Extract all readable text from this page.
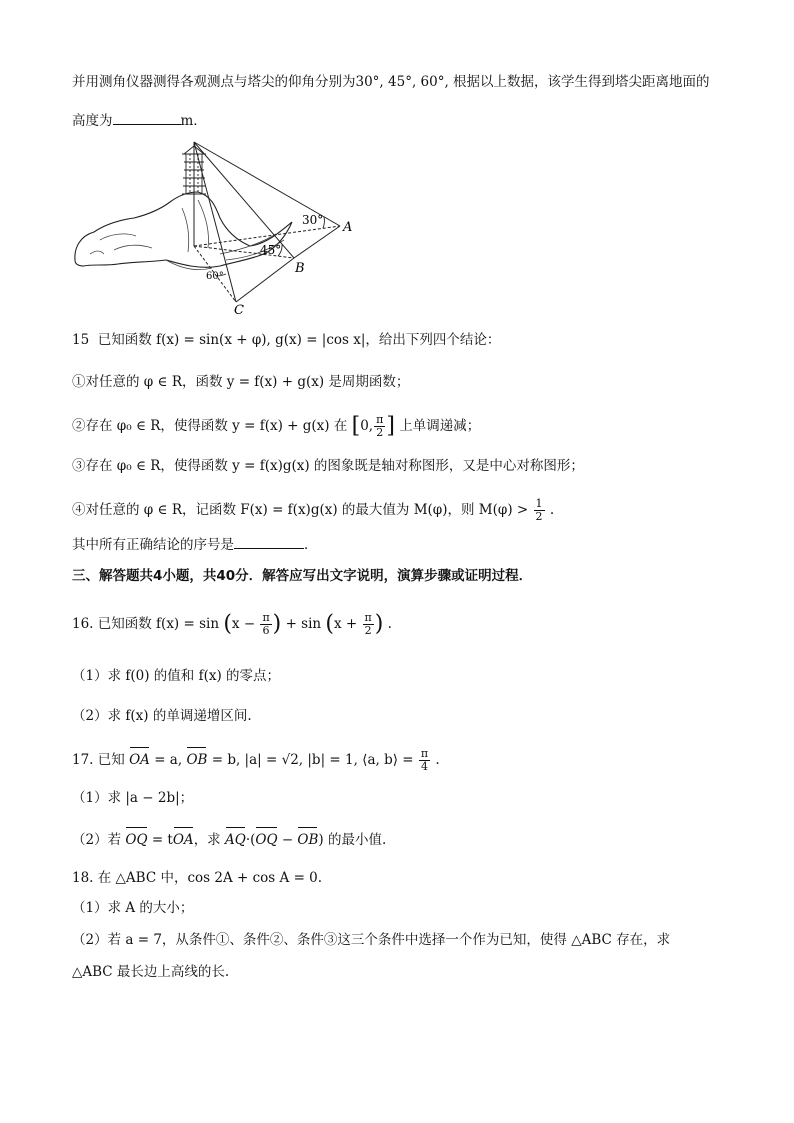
并用测角仪器测得各观测点与塔尖的仰角分别为30°, 45°, 60°, 根据以上数据，该学生得到塔尖距离地面的
高度为	m．
30°
45°
60°
A
B
C
15 已知函数 f(x) = sin(x + φ), g(x) = |cos x|，给出下列四个结论：
①对任意的 φ ∈ R，函数 y = f(x) + g(x) 是周期函数；
②存在 φ₀ ∈ R，使得函数 y = f(x) + g(x) 在 [0, $\frac{\pi}{2}$ ] 上单调递减；
③存在 φ₀ ∈ R，使得函数 y = f(x)g(x) 的图象既是轴对称图形，又是中心对称图形；
④对任意的 φ ∈ R，记函数 F(x) = f(x)g(x) 的最大值为 M(φ)，则 $M(\varphi) > \frac{1}{2}$ .
其中所有正确结论的序号是	．
三、解答题共4小题，共40分．解答应写出文字说明，演算步骤或证明过程．
16. 已知函数 $f(x) = \sin (x - \frac{\pi}{6}$ ) + $\sin (x + \frac{\pi}{2}$ ) .
（1）求 f(0) 的值和 f(x) 的零点；
（2）求 f(x) 的单调递增区间.
17. 已知 OA = a, OB = b, |a| = √2, |b| = 1, ⟨a, b⟩ = $\frac{\pi}{4}$ .
（1）求 |a − 2b|；
（2）若 OQ = tOA，求 AQ·(OQ − OB) 的最小值.
18. 在 △ABC 中，cos 2A + cos A = 0.
（1）求 A 的大小；
（2）若 a = 7，从条件①、条件②、条件③这三个条件中选择一个作为已知，使得 △ABC 存在，求
△ABC 最长边上高线的长.
